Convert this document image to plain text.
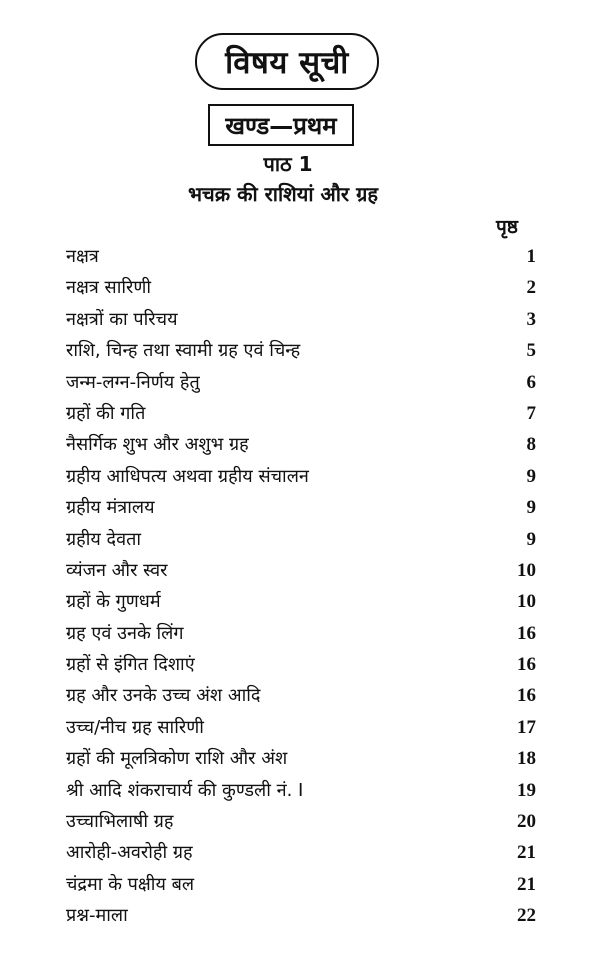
विषय सूची
खण्ड—प्रथम
पाठ 1
भचक्र की राशियां और ग्रह
पृष्ठ
नक्षत्र	1
नक्षत्र सारिणी	2
नक्षत्रों का परिचय	3
राशि, चिन्ह तथा स्वामी ग्रह एवं चिन्ह	5
जन्म-लग्न-निर्णय हेतु	6
ग्रहों की गति	7
नैसर्गिक शुभ और अशुभ ग्रह	8
ग्रहीय आधिपत्य अथवा ग्रहीय संचालन	9
ग्रहीय मंत्रालय	9
ग्रहीय देवता	9
व्यंजन और स्वर	10
ग्रहों के गुणधर्म	10
ग्रह एवं उनके लिंग	16
ग्रहों से इंगित दिशाएं	16
ग्रह और उनके उच्च अंश आदि	16
उच्च/नीच ग्रह सारिणी	17
ग्रहों की मूलत्रिकोण राशि और अंश	18
श्री आदि शंकराचार्य की कुण्डली नं. I	19
उच्चाभिलाषी ग्रह	20
आरोही-अवरोही ग्रह	21
चंद्रमा के पक्षीय बल	21
प्रश्न-माला	22
